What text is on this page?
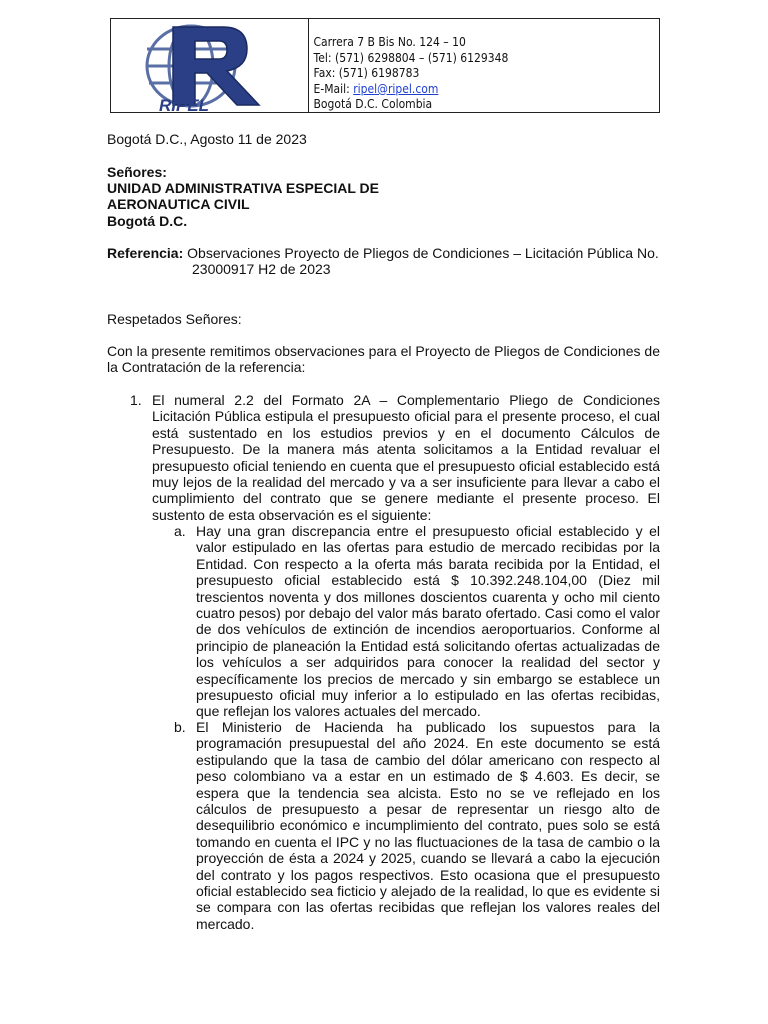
RIPEL
Carrera 7 B Bis No. 124 – 10
Tel: (571) 6298804 – (571) 6129348
Fax: (571) 6198783
E-Mail: ripel@ripel.com
Bogotá D.C. Colombia
Bogotá D.C., Agosto 11 de 2023
Señores:
UNIDAD ADMINISTRATIVA ESPECIAL DE
AERONAUTICA CIVIL
Bogotá D.C.
Referencia: Observaciones Proyecto de Pliegos de Condiciones – Licitación Pública No.
23000917 H2 de 2023
Respetados Señores:
Con la presente remitimos observaciones para el Proyecto de Pliegos de Condiciones de la Contratación de la referencia:
1. El numeral 2.2 del Formato 2A – Complementario Pliego de Condiciones Licitación Pública estipula el presupuesto oficial para el presente proceso, el cual está sustentado en los estudios previos y en el documento Cálculos de Presupuesto. De la manera más atenta solicitamos a la Entidad revaluar el presupuesto oficial teniendo en cuenta que el presupuesto oficial establecido está muy lejos de la realidad del mercado y va a ser insuficiente para llevar a cabo el cumplimiento del contrato que se genere mediante el presente proceso. El sustento de esta observación es el siguiente:
a. Hay una gran discrepancia entre el presupuesto oficial establecido y el valor estipulado en las ofertas para estudio de mercado recibidas por la Entidad. Con respecto a la oferta más barata recibida por la Entidad, el presupuesto oficial establecido está $ 10.392.248.104,00 (Diez mil trescientos noventa y dos millones doscientos cuarenta y ocho mil ciento cuatro pesos) por debajo del valor más barato ofertado. Casi como el valor de dos vehículos de extinción de incendios aeroportuarios. Conforme al principio de planeación la Entidad está solicitando ofertas actualizadas de los vehículos a ser adquiridos para conocer la realidad del sector y específicamente los precios de mercado y sin embargo se establece un presupuesto oficial muy inferior a lo estipulado en las ofertas recibidas, que reflejan los valores actuales del mercado.
b. El Ministerio de Hacienda ha publicado los supuestos para la programación presupuestal del año 2024. En este documento se está estipulando que la tasa de cambio del dólar americano con respecto al peso colombiano va a estar en un estimado de $ 4.603. Es decir, se espera que la tendencia sea alcista. Esto no se ve reflejado en los cálculos de presupuesto a pesar de representar un riesgo alto de desequilibrio económico e incumplimiento del contrato, pues solo se está tomando en cuenta el IPC y no las fluctuaciones de la tasa de cambio o la proyección de ésta a 2024 y 2025, cuando se llevará a cabo la ejecución del contrato y los pagos respectivos. Esto ocasiona que el presupuesto oficial establecido sea ficticio y alejado de la realidad, lo que es evidente si se compara con las ofertas recibidas que reflejan los valores reales del mercado.
